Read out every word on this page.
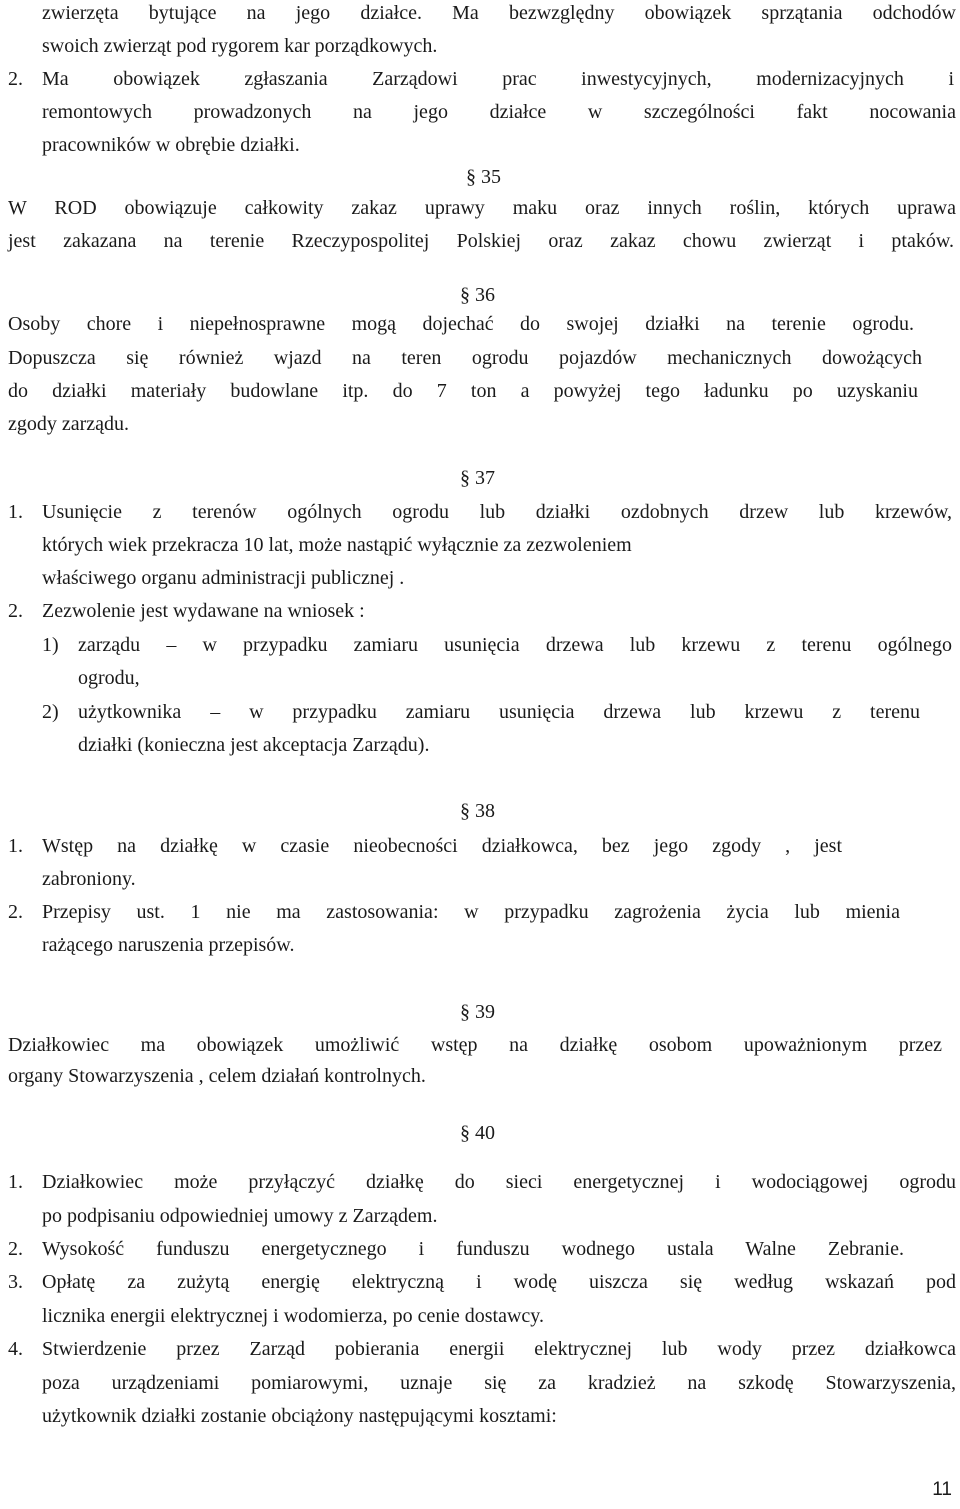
zwierzęta bytujące na jego działce. Ma bezwzględny obowiązek sprzątania odchodów
swoich zwierząt pod rygorem kar porządkowych.
2. Ma obowiązek zgłaszania Zarządowi prac inwestycyjnych, modernizacyjnych i
remontowych prowadzonych na jego działce w szczególności fakt nocowania
pracowników w obrębie działki.
§ 35
W ROD obowiązuje całkowity zakaz uprawy maku oraz innych roślin, których uprawa
jest zakazana na terenie Rzeczypospolitej Polskiej oraz zakaz chowu zwierząt i ptaków.
§ 36
Osoby chore i niepełnosprawne mogą dojechać do swojej działki na terenie ogrodu.
Dopuszcza się również wjazd na teren ogrodu pojazdów mechanicznych dowożących
do działki materiały budowlane itp. do 7 ton a powyżej tego ładunku po uzyskaniu
zgody zarządu.
§ 37
1. Usunięcie z terenów ogólnych ogrodu lub działki ozdobnych drzew lub krzewów,
których wiek przekracza 10 lat, może nastąpić wyłącznie za zezwoleniem
właściwego organu administracji publicznej .
2. Zezwolenie jest wydawane na wniosek :
1) zarządu – w przypadku zamiaru usunięcia drzewa lub krzewu z terenu ogólnego
ogrodu,
2) użytkownika – w przypadku zamiaru usunięcia drzewa lub krzewu z terenu
działki (konieczna jest akceptacja Zarządu).
§ 38
1. Wstęp na działkę w czasie nieobecności działkowca, bez jego zgody , jest
zabroniony.
2. Przepisy ust. 1 nie ma zastosowania: w przypadku zagrożenia życia lub mienia
rażącego naruszenia przepisów.
§ 39
Działkowiec ma obowiązek umożliwić wstęp na działkę osobom upoważnionym przez
organy Stowarzyszenia , celem działań kontrolnych.
§ 40
1. Działkowiec może przyłączyć działkę do sieci energetycznej i wodociągowej ogrodu
po podpisaniu odpowiedniej umowy z Zarządem.
2. Wysokość funduszu energetycznego i funduszu wodnego ustala Walne Zebranie.
3. Opłatę za zużytą energię elektryczną i wodę uiszcza się według wskazań pod
licznika energii elektrycznej i wodomierza, po cenie dostawcy.
4. Stwierdzenie przez Zarząd pobierania energii elektrycznej lub wody przez działkowca
poza urządzeniami pomiarowymi, uznaje się za kradzież na szkodę Stowarzyszenia,
użytkownik działki zostanie obciążony następującymi kosztami:
11
